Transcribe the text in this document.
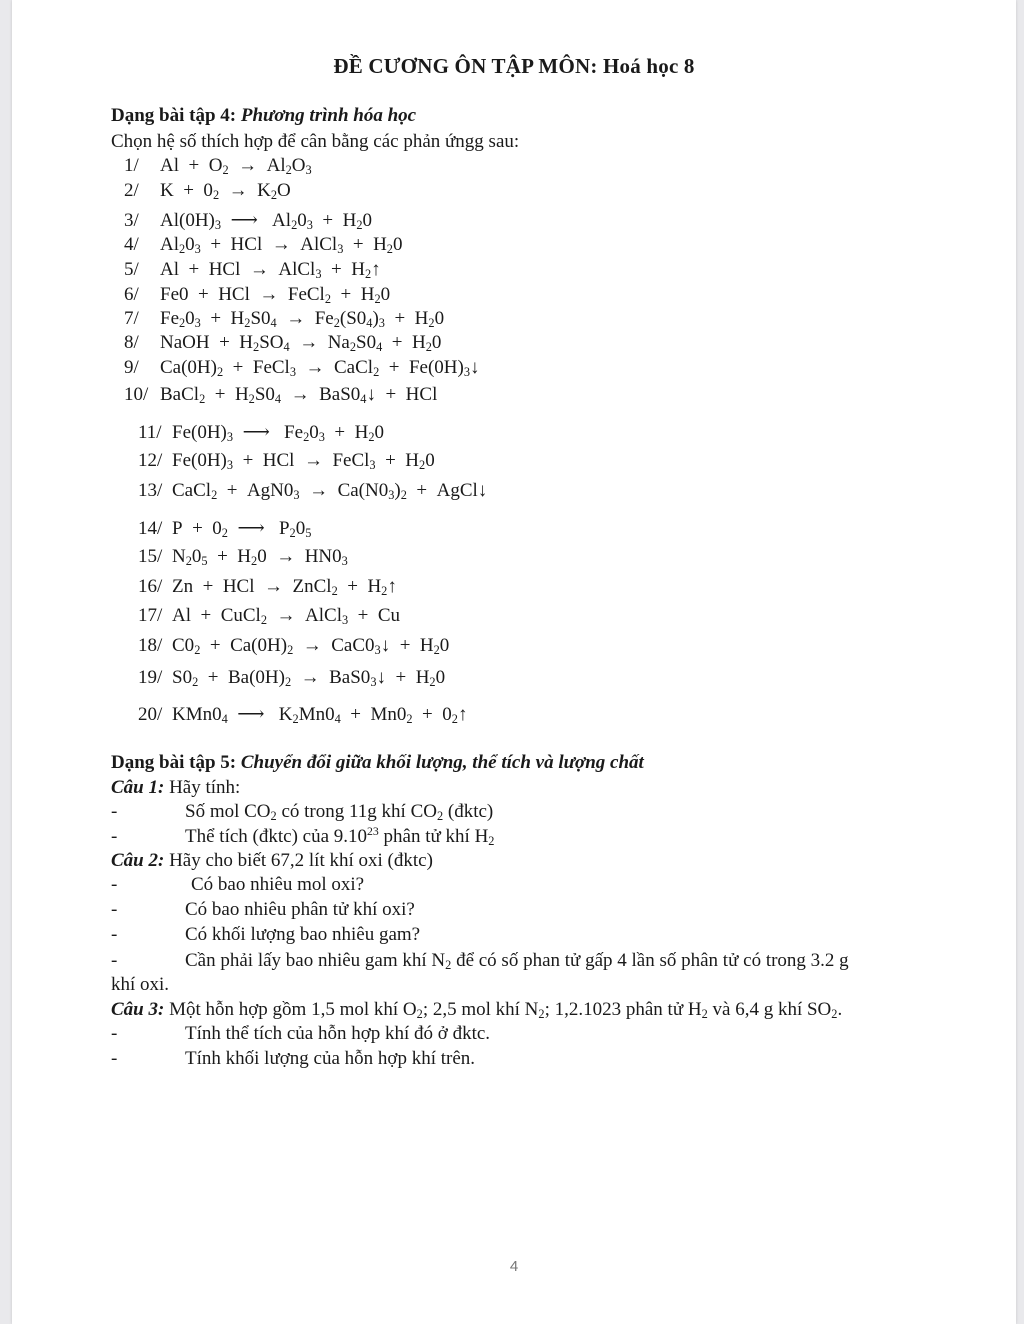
ĐỀ CƯƠNG ÔN TẬP MÔN: Hoá học 8
Dạng bài tập 4: Phương trình hóa học
Chọn hệ số thích hợp để cân bằng các phản ứngg sau:
1/ $Al + O_2 \to Al_2O_3$
2/ $K + 0_2 \to K_2O$
3/ $Al(0H)_3$  ⟶   $Al_20_3 + H_20$
4/ $Al_20_3$  +  HCl  →  AlCl$_3$  +  $H_20$
5/ Al  +  HCl  →  AlCl$_3$  +  $H_2↑$
6/ Fe0  +  HCl  →  FeCl$_2$  +  $H_20$
7/ $Fe_20_3 + H_2S0_4 \to Fe_2(S0_4)_3 + H_20$
8/ NaOH  +  $H_2SO_4 \to Na_2S0_4 + H_20$
9/ $Ca(0H)_2$  +  FeCl$_3$  →  CaCl$_2$  +  $Fe(0H)_3↓$
10/ BaCl$_2$  +  $H_2S0_4$  →  $BaS0_4↓$  +  HCl
11/ $Fe(0H)_3$  ⟶   $Fe_20_3 + H_20$
12/ $Fe(0H)_3$  +  HCl  →  FeCl$_3$  +  $H_20$
13/ CaCl$_2$  +  $AgN0_3 \to Ca(N0_3)_2$  +  AgCl↓
14/ $P + 0_2$  ⟶   $P_20_5$
15/ $N_20_5 + H_20 \to HN0_3$
16/ Zn  +  HCl  →  ZnCl$_2$  +  $H_2↑$
17/ Al  +  CuCl$_2$  →  AlCl$_3$  +  Cu
18/ $C0_2 + Ca(0H)_2$  →  $CaC0_3↓ + H_20$
19/ $S0_2 + Ba(0H)_2$  →  $BaS0_3↓ + H_20$
20/ $KMn0_4$  ⟶   $K_2Mn0_4 + Mn0_2$  +  $0_2↑$
Dạng bài tập 5: Chuyển đổi giữa khối lượng, thể tích và lượng chất
Câu 1: Hãy tính:
-	Số mol $CO_2$ có trong 11g khí $CO_2$ (đktc)
-	Thể tích (đktc) của 9.10$^{23}$ phân tử khí $H_2$
Câu 2: Hãy cho biết 67,2 lít khí oxi (đktc)
-	Có bao nhiêu mol oxi?
-	Có bao nhiêu phân tử khí oxi?
-	Có khối lượng bao nhiêu gam?
-	Cần phải lấy bao nhiêu gam khí $N_2$ để có số phan tử gấp 4 lần số phân tử có trong 3.2 g
khí oxi.
Câu 3: Một hỗn hợp gồm 1,5 mol khí $O_2$; 2,5 mol khí $N_2$; 1,2.1023 phân tử $H_2$ và 6,4 g khí $SO_2$.
-	Tính thể tích của hỗn hợp khí đó ở đktc.
-	Tính khối lượng của hỗn hợp khí trên.
4
